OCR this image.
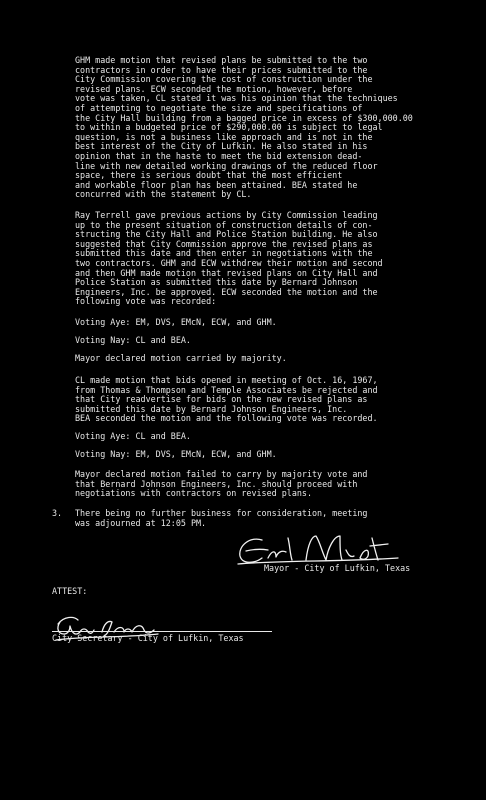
GHM made motion that revised plans be submitted to the two
contractors in order to have their prices submitted to the
City Commission covering the cost of construction under the
revised plans. ECW seconded the motion, however, before
vote was taken, CL stated it was his opinion that the techniques
of attempting to negotiate the size and specifications of
the City Hall building from a bagged price in excess of $300,000.00
to within a budgeted price of $290,000.00 is subject to legal
question, is not a business like approach and is not in the
best interest of the City of Lufkin. He also stated in his
opinion that in the haste to meet the bid extension dead-
line with new detailed working drawings of the reduced floor
space, there is serious doubt that the most efficient
and workable floor plan has been attained. BEA stated he
concurred with the statement by CL.
Ray Terrell gave previous actions by City Commission leading
up to the present situation of construction details of con-
structing the City Hall and Police Station building. He also
suggested that City Commission approve the revised plans as
submitted this date and then enter in negotiations with the
two contractors. GHM and ECW withdrew their motion and second
and then GHM made motion that revised plans on City Hall and
Police Station as submitted this date by Bernard Johnson
Engineers, Inc. be approved. ECW seconded the motion and the
following vote was recorded:
Voting Aye: EM, DVS, EMcN, ECW, and GHM.
Voting Nay: CL and BEA.
Mayor declared motion carried by majority.
CL made motion that bids opened in meeting of Oct. 16, 1967,
from Thomas & Thompson and Temple Associates be rejected and
that City readvertise for bids on the new revised plans as
submitted this date by Bernard Johnson Engineers, Inc.
BEA seconded the motion and the following vote was recorded.
Voting Aye: CL and BEA.
Voting Nay: EM, DVS, EMcN, ECW, and GHM.
Mayor declared motion failed to carry by majority vote and
that Bernard Johnson Engineers, Inc. should proceed with
negotiations with contractors on revised plans.
3. There being no further business for consideration, meeting
was adjourned at 12:05 PM.
Mayor - City of Lufkin, Texas
ATTEST:
City Secretary - City of Lufkin, Texas
